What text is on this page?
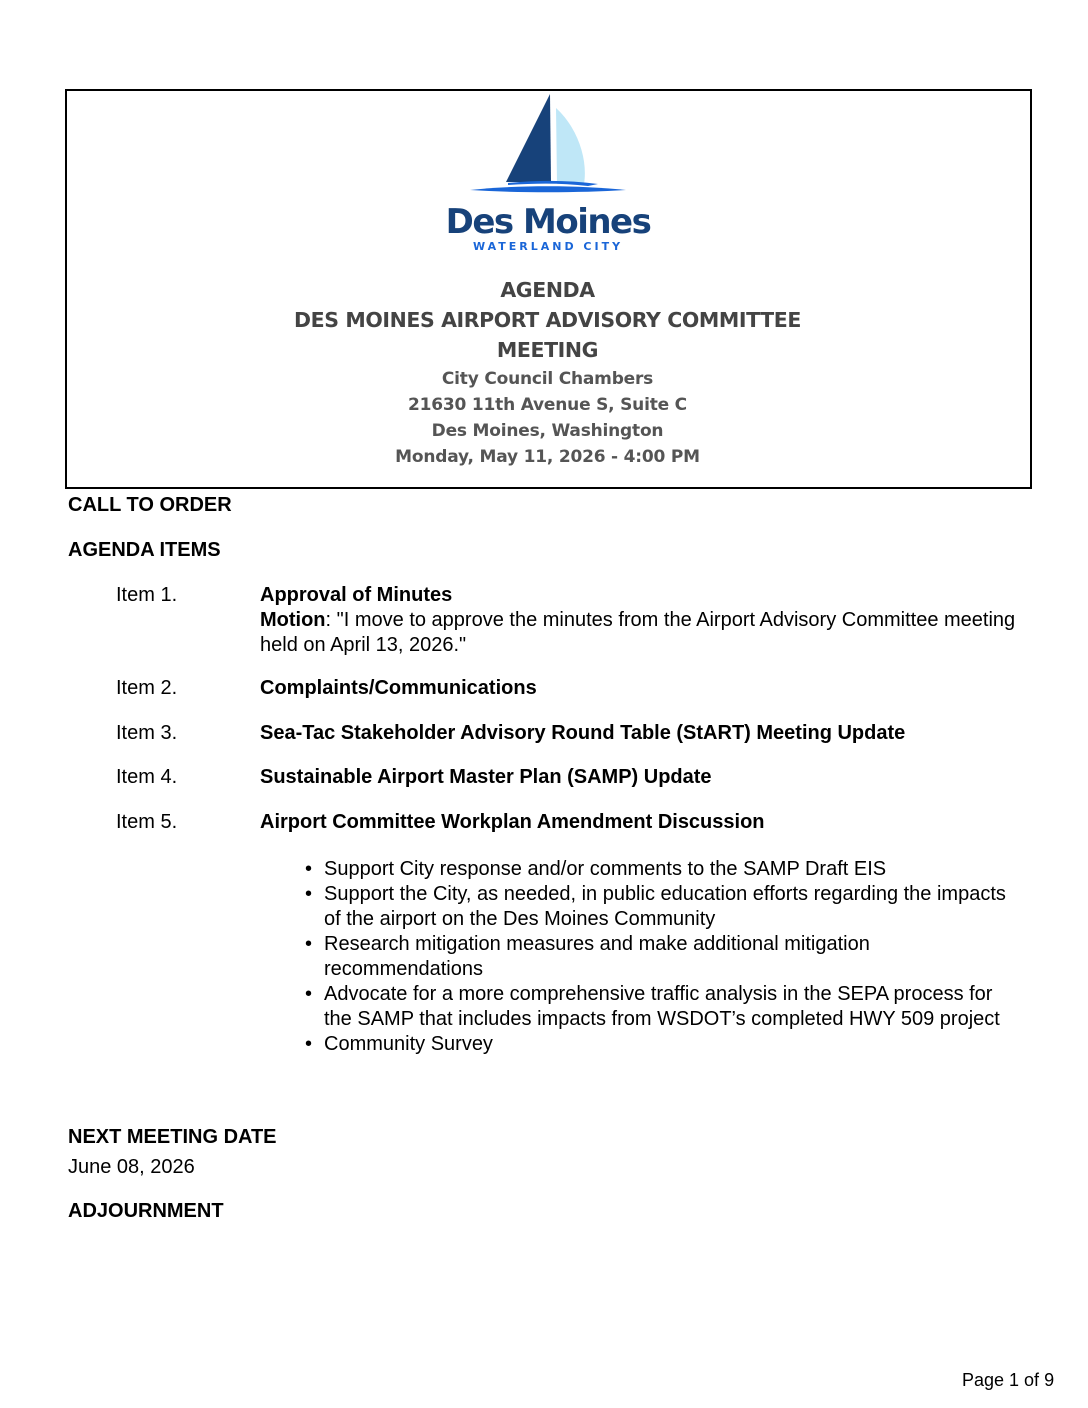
Des Moines
WATERLAND CITY
AGENDA
DES MOINES AIRPORT ADVISORY COMMITTEE
MEETING
City Council Chambers
21630 11th Avenue S, Suite C
Des Moines, Washington
Monday, May 11, 2026 - 4:00 PM
CALL TO ORDER
AGENDA ITEMS
Item 1.	Approval of Minutes
Motion: "I move to approve the minutes from the Airport Advisory Committee meeting held on April 13, 2026."
Item 2.	Complaints/Communications
Item 3.	Sea-Tac Stakeholder Advisory Round Table (StART) Meeting Update
Item 4.	Sustainable Airport Master Plan (SAMP) Update
Item 5.	Airport Committee Workplan Amendment Discussion
• Support City response and/or comments to the SAMP Draft EIS
• Support the City, as needed, in public education efforts regarding the impacts of the airport on the Des Moines Community
• Research mitigation measures and make additional mitigation recommendations
• Advocate for a more comprehensive traffic analysis in the SEPA process for the SAMP that includes impacts from WSDOT’s completed HWY 509 project
• Community Survey
NEXT MEETING DATE
June 08, 2026
ADJOURNMENT
Page 1 of 9
